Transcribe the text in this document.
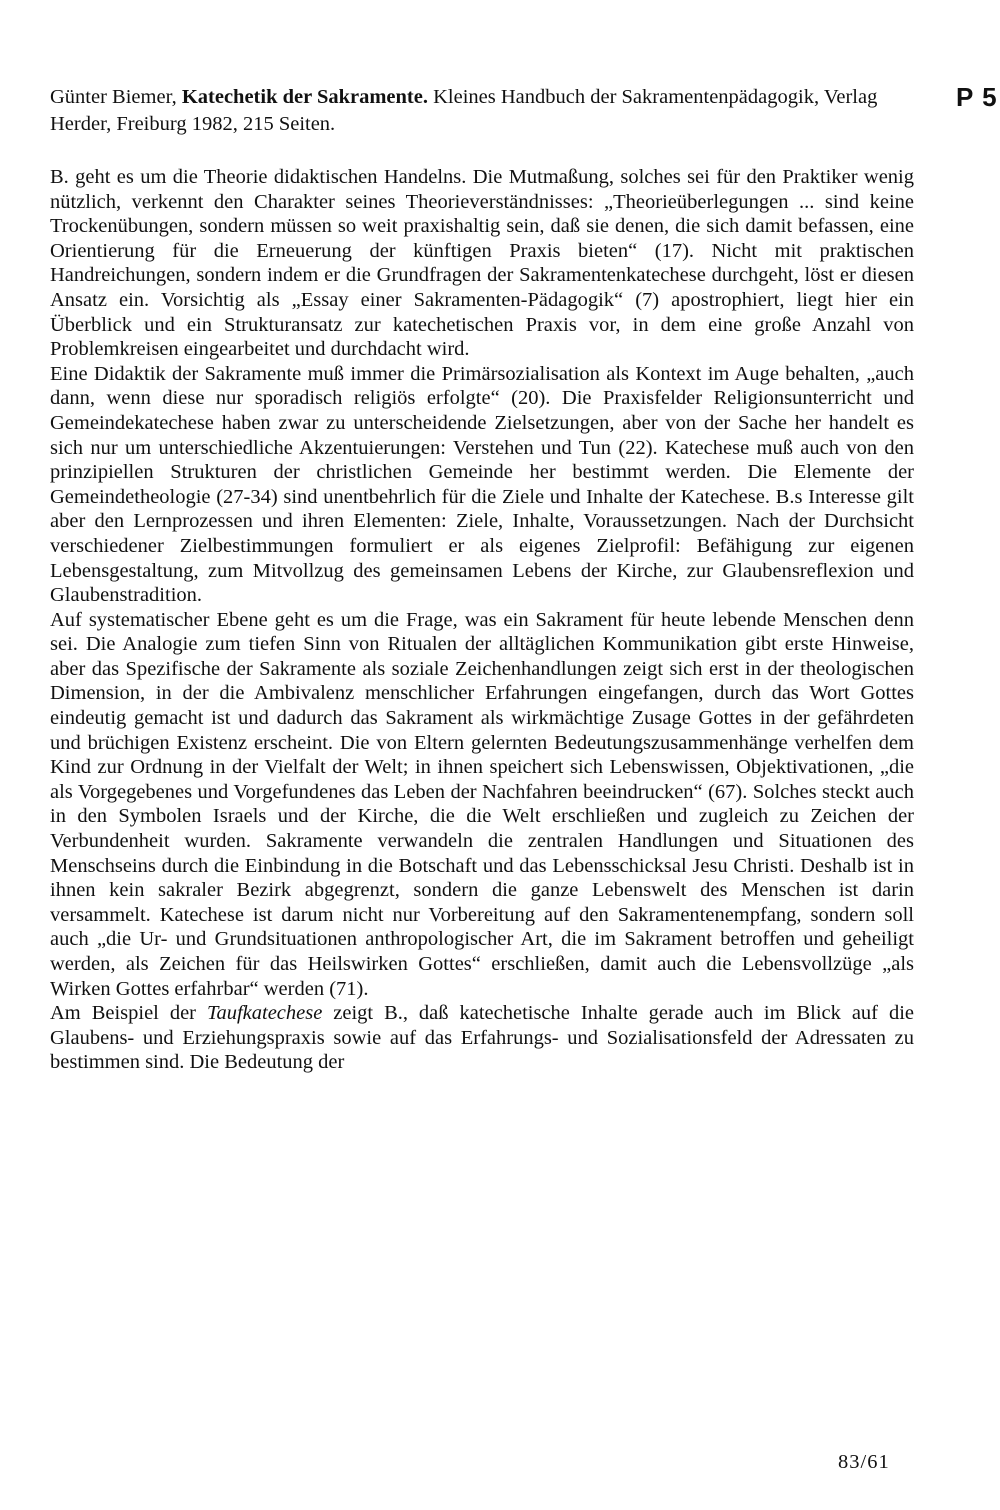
P 5

Günter Biemer, Katechetik der Sakramente. Kleines Handbuch der Sakramentenpädagogik, Verlag Herder, Freiburg 1982, 215 Seiten.

B. geht es um die Theorie didaktischen Handelns. Die Mutmaßung, solches sei für den Praktiker wenig nützlich, verkennt den Charakter seines Theorieverständnisses: „Theorieüberlegungen ... sind keine Trockenübungen, sondern müssen so weit praxishaltig sein, daß sie denen, die sich damit befassen, eine Orientierung für die Erneuerung der künftigen Praxis bieten“ (17). Nicht mit praktischen Handreichungen, sondern indem er die Grundfragen der Sakramentenkatechese durchgeht, löst er diesen Ansatz ein. Vorsichtig als „Essay einer Sakramenten-Pädagogik“ (7) apostrophiert, liegt hier ein Überblick und ein Strukturansatz zur katechetischen Praxis vor, in dem eine große Anzahl von Problemkreisen eingearbeitet und durchdacht wird.

Eine Didaktik der Sakramente muß immer die Primärsozialisation als Kontext im Auge behalten, „auch dann, wenn diese nur sporadisch religiös erfolgte“ (20). Die Praxisfelder Religionsunterricht und Gemeindekatechese haben zwar zu unterscheidende Zielsetzungen, aber von der Sache her handelt es sich nur um unterschiedliche Akzentuierungen: Verstehen und Tun (22). Katechese muß auch von den prinzipiellen Strukturen der christlichen Gemeinde her bestimmt werden. Die Elemente der Gemeindetheologie (27-34) sind unentbehrlich für die Ziele und Inhalte der Katechese. B.s Interesse gilt aber den Lernprozessen und ihren Elementen: Ziele, Inhalte, Voraussetzungen. Nach der Durchsicht verschiedener Zielbestimmungen formuliert er als eigenes Zielprofil: Befähigung zur eigenen Lebensgestaltung, zum Mitvollzug des gemeinsamen Lebens der Kirche, zur Glaubensreflexion und Glaubenstradition.

Auf systematischer Ebene geht es um die Frage, was ein Sakrament für heute lebende Menschen denn sei. Die Analogie zum tiefen Sinn von Ritualen der alltäglichen Kommunikation gibt erste Hinweise, aber das Spezifische der Sakramente als soziale Zeichenhandlungen zeigt sich erst in der theologischen Dimension, in der die Ambivalenz menschlicher Erfahrungen eingefangen, durch das Wort Gottes eindeutig gemacht ist und dadurch das Sakrament als wirkmächtige Zusage Gottes in der gefährdeten und brüchigen Existenz erscheint. Die von Eltern gelernten Bedeutungszusammenhänge verhelfen dem Kind zur Ordnung in der Vielfalt der Welt; in ihnen speichert sich Lebenswissen, Objektivationen, „die als Vorgegebenes und Vorgefundenes das Leben der Nachfahren beeindrucken“ (67). Solches steckt auch in den Symbolen Israels und der Kirche, die die Welt erschließen und zugleich zu Zeichen der Verbundenheit wurden. Sakramente verwandeln die zentralen Handlungen und Situationen des Menschseins durch die Einbindung in die Botschaft und das Lebensschicksal Jesu Christi. Deshalb ist in ihnen kein sakraler Bezirk abgegrenzt, sondern die ganze Lebenswelt des Menschen ist darin versammelt. Katechese ist darum nicht nur Vorbereitung auf den Sakramentenempfang, sondern soll auch „die Ur- und Grundsituationen anthropologischer Art, die im Sakrament betroffen und geheiligt werden, als Zeichen für das Heilswirken Gottes“ erschließen, damit auch die Lebensvollzüge „als Wirken Gottes erfahrbar“ werden (71).

Am Beispiel der Taufkatechese zeigt B., daß katechetische Inhalte gerade auch im Blick auf die Glaubens- und Erziehungspraxis sowie auf das Erfahrungs- und Sozialisationsfeld der Adressaten zu bestimmen sind. Die Bedeutung der

83/61
